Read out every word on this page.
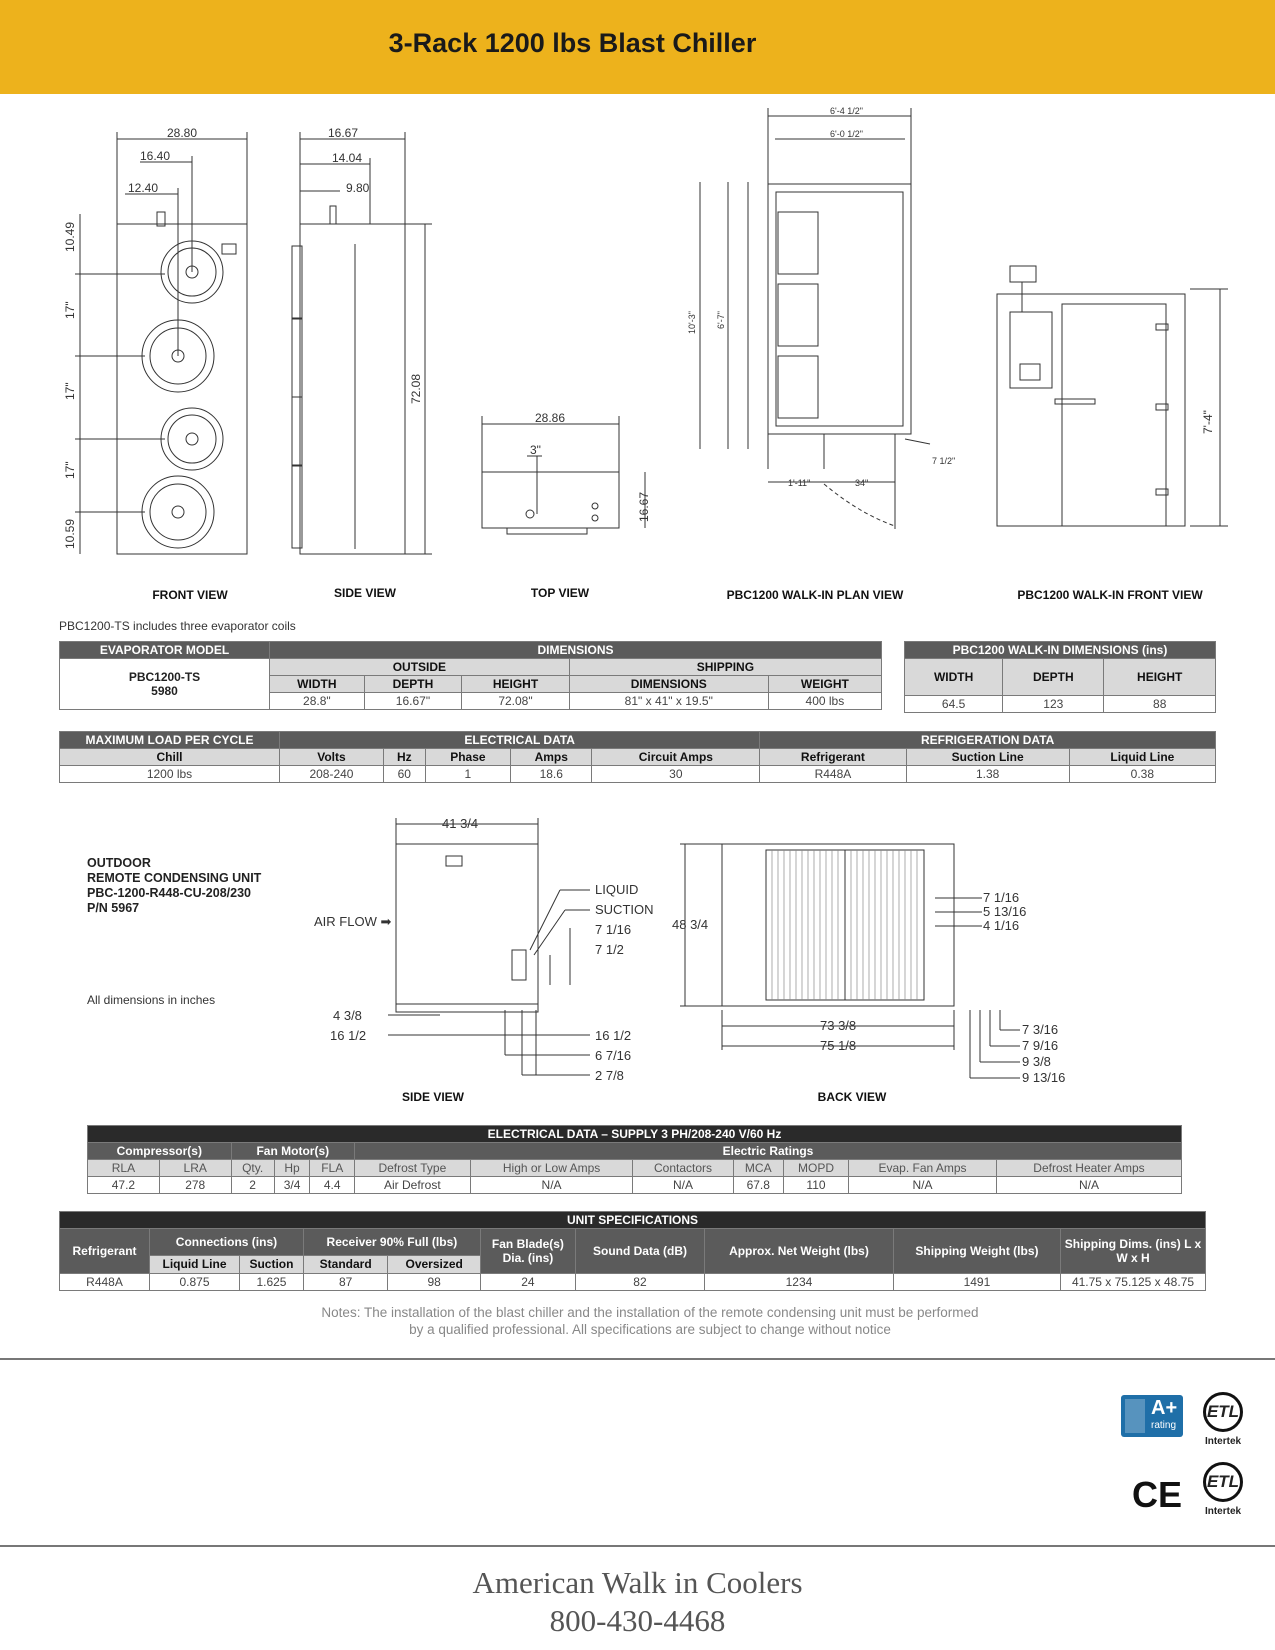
3-Rack 1200 lbs Blast Chiller
28.80
16.40
12.40
10.49
17"
17"
17"
10.59
16.67
14.04
9.80
72.08
28.86
3"
16.67
7'-4"
6'-4 1/2"
6'-0 1/2"
10'-3" 6'-7"
1'-11"	34"
7 1/2"
FRONT VIEW	SIDE VIEW	TOP VIEW	PBC1200 WALK-IN PLAN VIEW	PBC1200 WALK-IN FRONT VIEW
PBC1200-TS includes three evaporator coils
EVAPORATOR MODEL	DIMENSIONS				
PBC1200-TS
5980	OUTSIDE			SHIPPING	
	WIDTH	DEPTH	HEIGHT	DIMENSIONS	WEIGHT
	28.8"	16.67"	72.08"	81" x 41" x 19.5"	400 lbs
PBC1200 WALK-IN DIMENSIONS (ins)		
WIDTH	DEPTH	HEIGHT
64.5	123	88
MAXIMUM LOAD PER CYCLE	ELECTRICAL DATA					REFRIGERATION DATA		
Chill	Volts	Hz	Phase	Amps	Circuit Amps	Refrigerant	Suction Line	Liquid Line
1200 lbs	208-240	60	1	18.6	30	R448A	1.38	0.38
OUTDOOR
REMOTE CONDENSING UNIT
PBC-1200-R448-CU-208/230
P/N 5967
All dimensions in inches
41 3/4
AIR FLOW ➡
LIQUID
SUCTION
7 1/16
7 1/2
4 3/8
16 1/2	16 1/2
6 7/16
2 7/8
7 1/16
5 13/16
4 1/16
73 3/8
75 1/8
7 3/16
7 9/16
9 3/8
9 13/16
48 3/4
SIDE VIEW	BACK VIEW
ELECTRICAL DATA – SUPPLY 3 PH/208-240 V/60 Hz											
Compressor(s)		Fan Motor(s)			Electric Ratings						
RLA	LRA	Qty.	Hp	FLA	Defrost Type	High or Low Amps	Contactors	MCA	MOPD	Evap. Fan Amps	Defrost Heater Amps
47.2	278	2	3/4	4.4	Air Defrost	N/A	N/A	67.8	110	N/A	N/A
UNIT SPECIFICATIONS									
Refrigerant	Connections (ins)		Receiver 90% Full (lbs)		Fan Blade(s) Dia. (ins)	Sound Data (dB)	Approx. Net Weight (lbs)	Shipping Weight (lbs)	Shipping Dims. (ins) L x W x H
	Liquid Line	Suction	Standard	Oversized					
R448A	0.875	1.625	87	98	24	82	1234	1491	41.75 x 75.125 x 48.75
Notes: The installation of the blast chiller and the installation of the remote condensing unit must be performed
by a qualified professional. All specifications are subject to change without notice
A+
rating
ETL
Intertek
CE ETL
Intertek
American Walk in Coolers
800-430-4468
